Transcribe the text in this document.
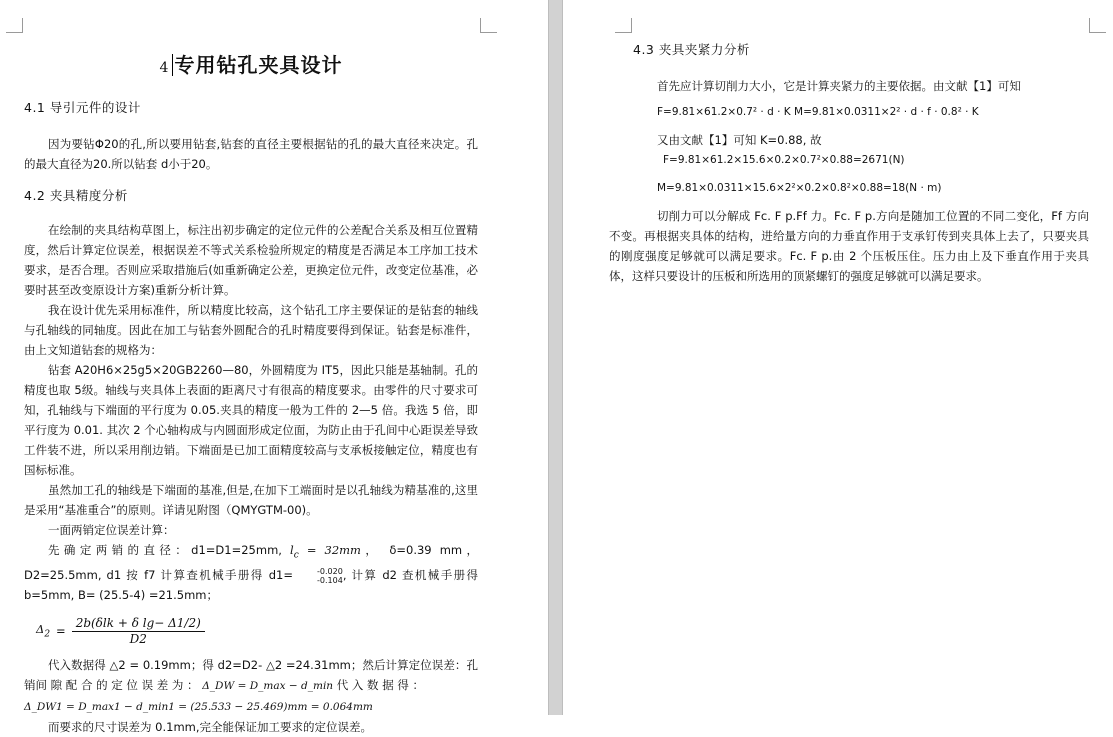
4 专用钻孔夹具设计
4.1 导引元件的设计

因为要钻Φ20的孔,所以要用钻套,钻套的直径主要根据钻的孔的最大直径来决定。孔的最大直径为20.所以钻套 d小于20。

4.2 夹具精度分析

在绘制的夹具结构草图上，标注出初步确定的定位元件的公差配合关系及相互位置精度，然后计算定位误差，根据误差不等式关系检验所规定的精度是否满足本工序加工技术要求，是否合理。否则应采取措施后(如重新确定公差，更换定位元件，改变定位基准，必要时甚至改变原设计方案)重新分析计算。

我在设计优先采用标准件，所以精度比较高，这个钻孔工序主要保证的是钻套的轴线与孔轴线的同轴度。因此在加工与钻套外圆配合的孔时精度要得到保证。钻套是标准件，由上文知道钻套的规格为：

钻套 A20H6×25g5×20GB2260—80，外圆精度为 IT5，因此只能是基轴制。孔的精度也取 5级。轴线与夹具体上表面的距离尺寸有很高的精度要求。由零件的尺寸要求可知，孔轴线与下端面的平行度为 0.05.夹具的精度一般为工件的 2—5 倍。我选 5 倍，即平行度为 0.01. 其次 2 个心轴构成与内圆面形成定位面，为防止由于孔间中心距误差导致工件装不进，所以采用削边销。下端面是已加工面精度较高与支承板接触定位，精度也有国标标准。

虽然加工孔的轴线是下端面的基准,但是,在加下工端面时是以孔轴线为精基准的,这里是采用“基准重合”的原则。详请见附图（QMYGTM-00)。

一面两销定位误差计算：

先确定两销的直径：d1=D1=25mm, $l_c = 32mm$， δ=0.39 mm，D2=25.5mm, d1 按 f7 计算查机械手册得 d1=	-0.020
-0.104 , 计算 d2 查机械手册得 b=5mm, B= (25.5-4) =21.5mm；

$\Delta_2 = \frac{\text{2b(δlk + δ lg− Δ1/2)}}{D2}$

代入数据得 △2 = 0.19mm；得 d2=D2- △2 =24.31mm；然后计算定位误差：孔销间 隙 配 合 的 定 位 误 差 为 ： Δ_DW = D_max − d_min 代 入 数 据 得 ：

Δ_DW1 = D_max1 − d_min1 = (25.533 − 25.469)mm = 0.064mm

而要求的尺寸误差为 0.1mm,完全能保证加工要求的定位误差。

4.3 夹具夹紧力分析

首先应计算切削力大小，它是计算夹紧力的主要依据。由文献【1】可知

F=9.81×61.2×0.7² · d · K M=9.81×0.0311×2² · d · f · 0.8² · K

又由文献【1】可知 K=0.88, 故

F=9.81×61.2×15.6×0.2×0.7²×0.88=2671(N)
M=9.81×0.0311×15.6×2²×0.2×0.8²×0.88=18(N · m)

切削力可以分解成 Fc. F p.Ff 力。Fc. F p.方向是随加工位置的不同二变化，Ff 方向不变。再根据夹具体的结构，进给量方向的力垂直作用于支承钉传到夹具体上去了，只要夹具的刚度强度足够就可以满足要求。Fc. F p.由 2 个压板压住。压力由上及下垂直作用于夹具体，这样只要设计的压板和所选用的顶紧螺钉的强度足够就可以满足要求。
